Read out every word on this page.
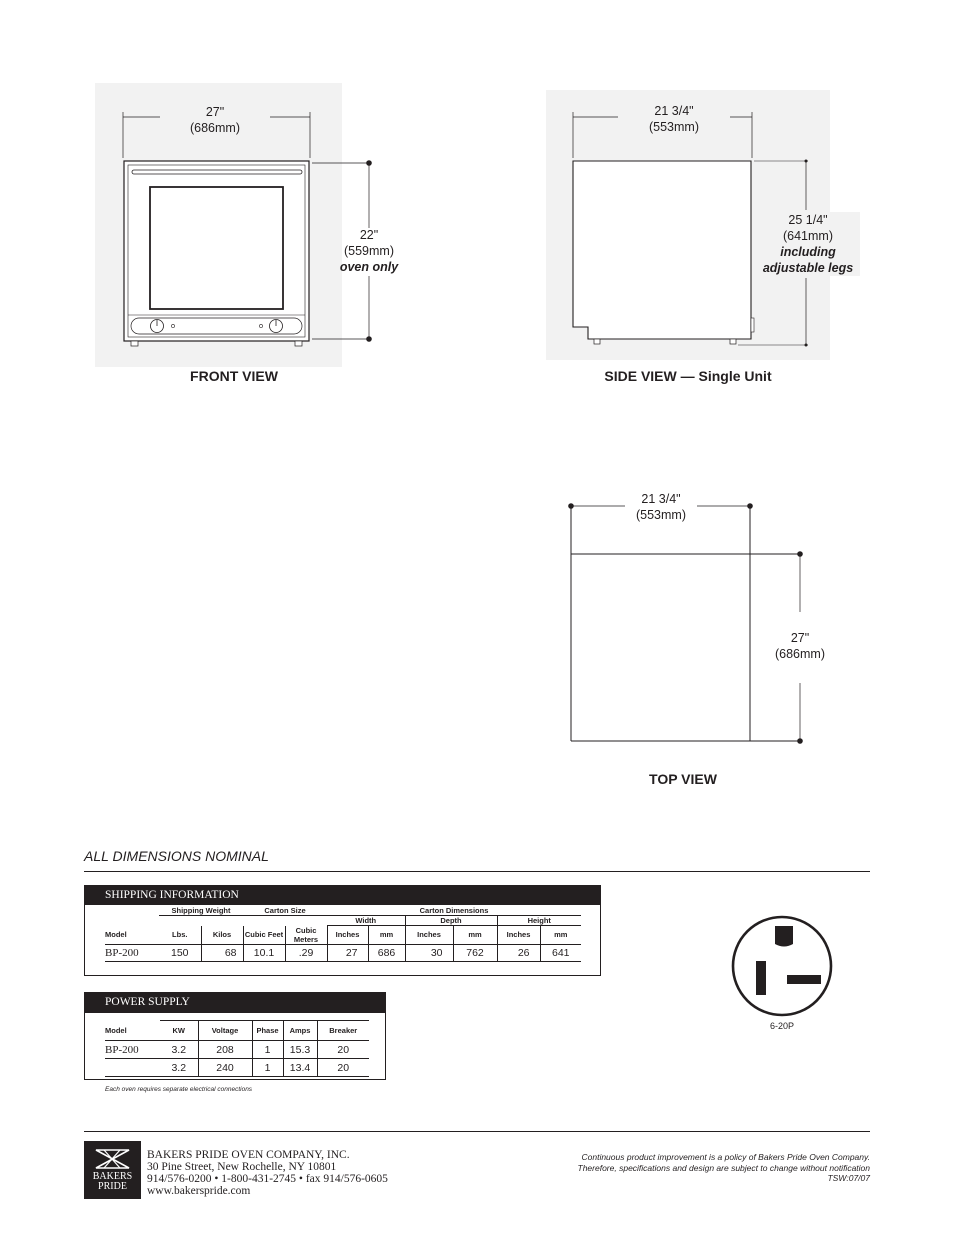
27"
(686mm)
22"
(559mm)
oven only
FRONT VIEW
21 3/4"
(553mm)
25 1/4"
(641mm)
including
adjustable legs
SIDE VIEW — Single Unit
21 3/4"
(553mm)
27"
(686mm)
TOP VIEW
ALL DIMENSIONS NOMINAL
SHIPPING INFORMATION
	Shipping Weight		Carton Size		Carton Dimensions					
					Width		Depth		Height	
Model	Lbs.	Kilos	Cubic Feet	Cubic Meters	Inches	mm	Inches	mm	Inches	mm
BP-200	150	68	10.1	.29	27	686	30	762	26	641
POWER SUPPLY
Model	KW	Voltage	Phase	Amps	Breaker
BP-200	3.2	208	1	15.3	20
	3.2	240	1	13.4	20
Each oven requires separate electrical connections
6-20P
BAKERS
PRIDE
BAKERS PRIDE OVEN COMPANY, INC.
30 Pine Street, New Rochelle, NY 10801
914/576-0200 • 1-800-431-2745 • fax 914/576-0605
www.bakerspride.com
Continuous product improvement is a policy of Bakers Pride Oven Company.
Therefore, specifications and design are subject to change without notification
TSW:07/07
